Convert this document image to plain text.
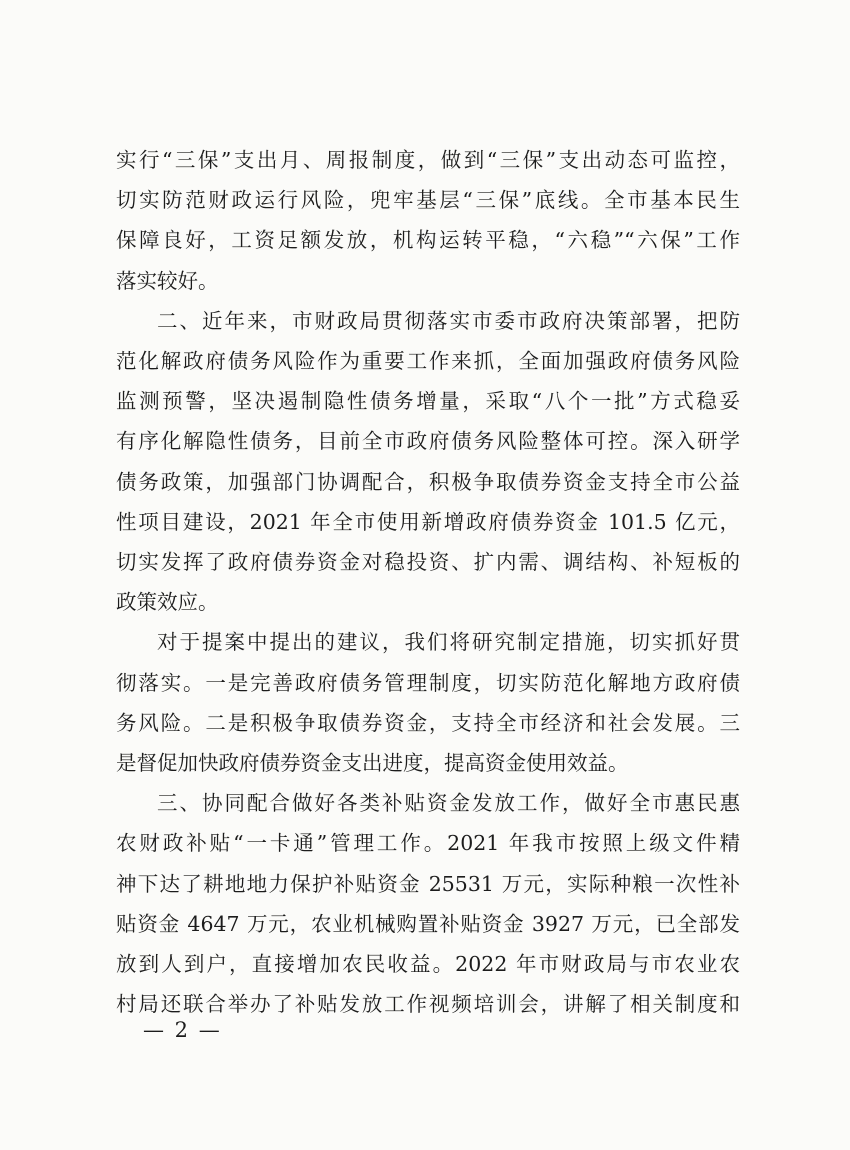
实行“三保”支出月、周报制度，做到“三保”支出动态可监控，
切实防范财政运行风险，兜牢基层“三保”底线。全市基本民生
保障良好，工资足额发放，机构运转平稳，“六稳”“六保”工作
落实较好。

二、近年来，市财政局贯彻落实市委市政府决策部署，把防
范化解政府债务风险作为重要工作来抓，全面加强政府债务风险
监测预警，坚决遏制隐性债务增量，采取“八个一批”方式稳妥
有序化解隐性债务，目前全市政府债务风险整体可控。深入研学
债务政策，加强部门协调配合，积极争取债券资金支持全市公益
性项目建设，2021 年全市使用新增政府债券资金 101.5 亿元，
切实发挥了政府债券资金对稳投资、扩内需、调结构、补短板的
政策效应。

对于提案中提出的建议，我们将研究制定措施，切实抓好贯
彻落实。一是完善政府债务管理制度，切实防范化解地方政府债
务风险。二是积极争取债券资金，支持全市经济和社会发展。三
是督促加快政府债券资金支出进度，提高资金使用效益。

三、协同配合做好各类补贴资金发放工作，做好全市惠民惠
农财政补贴“一卡通”管理工作。2021 年我市按照上级文件精
神下达了耕地地力保护补贴资金 25531 万元，实际种粮一次性补
贴资金 4647 万元，农业机械购置补贴资金 3927 万元，已全部发
放到人到户，直接增加农民收益。2022 年市财政局与市农业农
村局还联合举办了补贴发放工作视频培训会，讲解了相关制度和

— 2 —
